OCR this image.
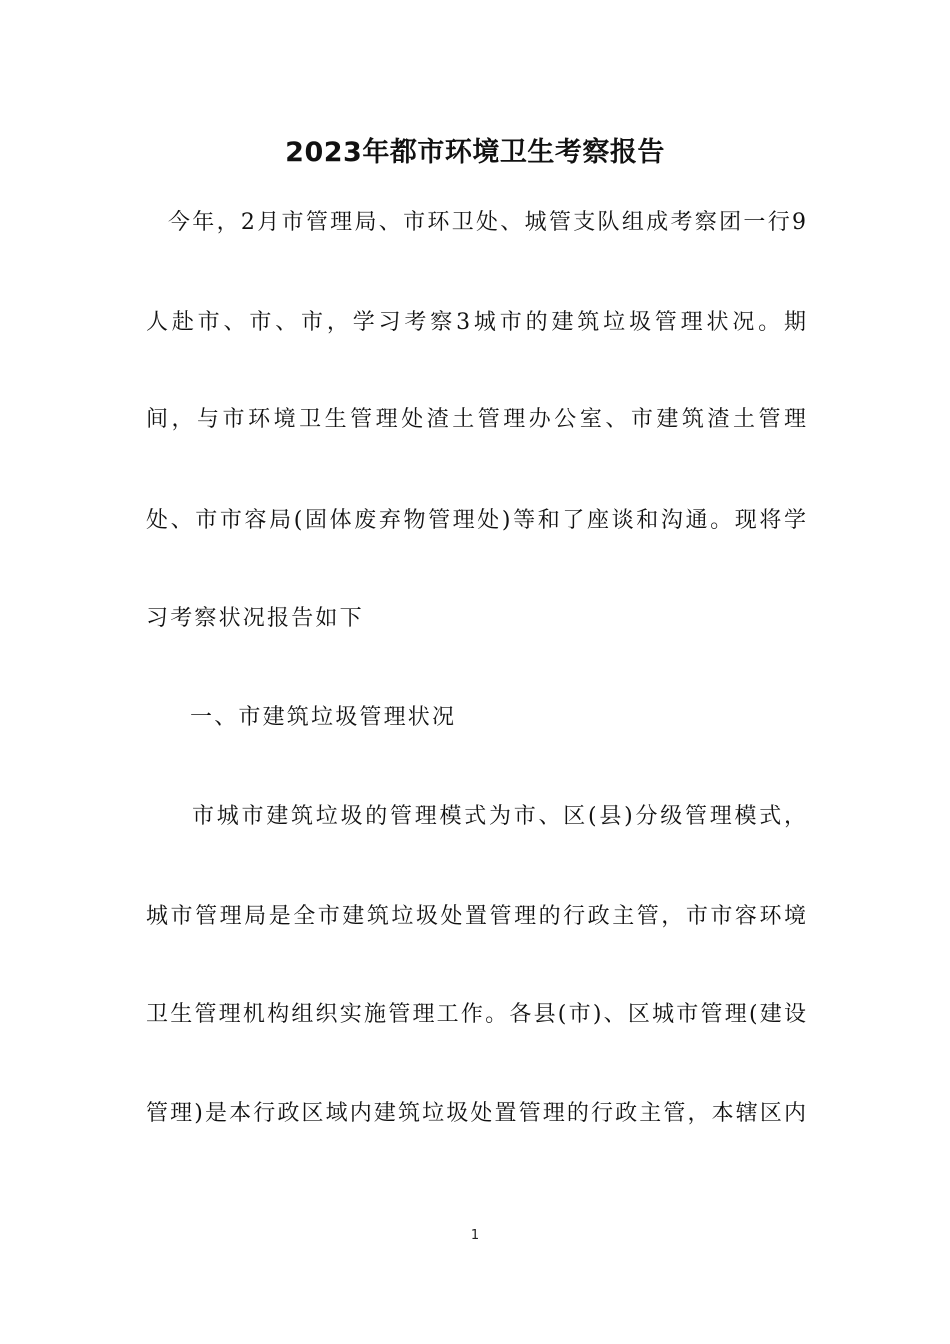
2023年都市环境卫生考察报告
今年，2月市管理局、市环卫处、城管支队组成考察团一行9
人赴市、市、市，学习考察3城市的建筑垃圾管理状况。期
间，与市环境卫生管理处渣土管理办公室、市建筑渣土管理
处、市市容局(固体废弃物管理处)等和了座谈和沟通。现将学
习考察状况报告如下
一、市建筑垃圾管理状况
市城市建筑垃圾的管理模式为市、区(县)分级管理模式，
城市管理局是全市建筑垃圾处置管理的行政主管，市市容环境
卫生管理机构组织实施管理工作。各县(市)、区城市管理(建设
管理)是本行政区域内建筑垃圾处置管理的行政主管，本辖区内
1
